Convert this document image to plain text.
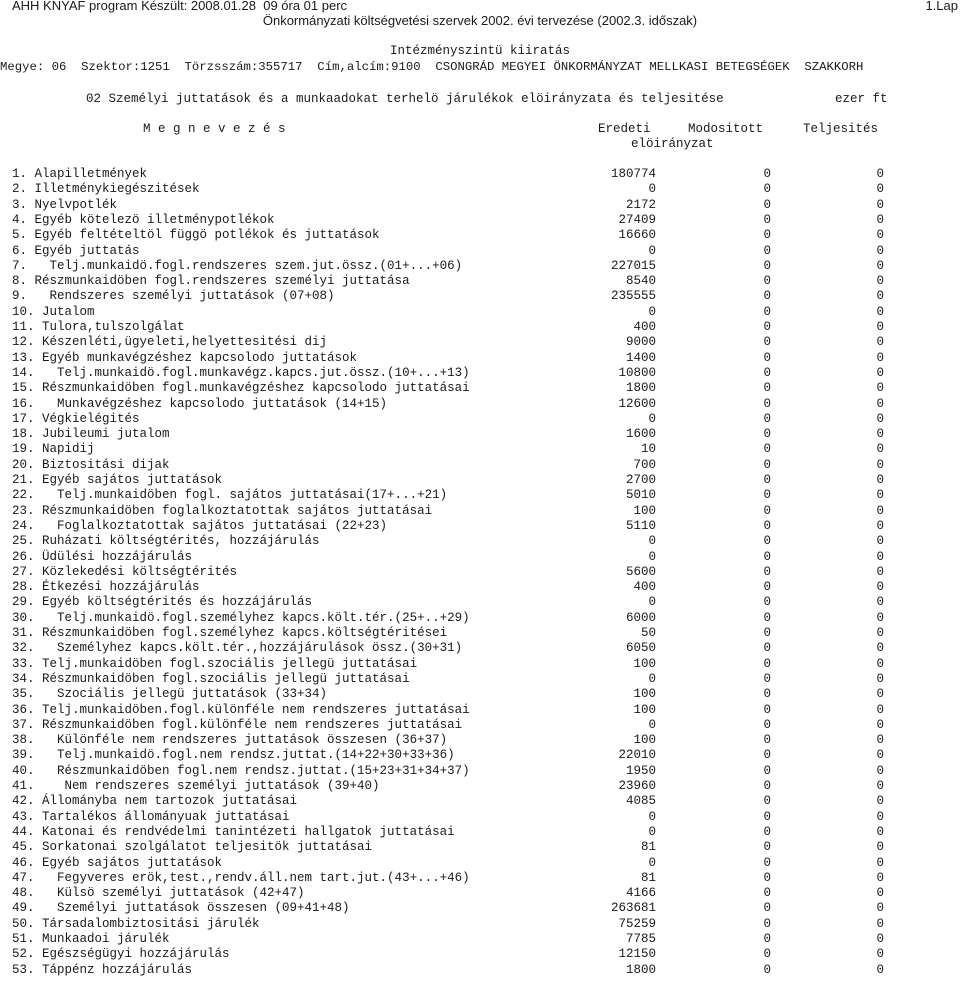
AHH KNYAF program Készült: 2008.01.28  09 óra 01 perc	1.Lap
Önkormányzati költségvetési szervek 2002. évi tervezése (2002.3. időszak)
Intézményszintü kiiratás
Megye: 06  Szektor:1251  Törzsszám:355717  Cím,alcím:9100  CSONGRÁD MEGYEI ÖNKORMÁNYZAT MELLKASI BETEGSÉGEK  SZAKKORH
02 Személyi juttatások és a munkaadokat terhelö járulékok elöirányzata és teljesitése	ezer ft
M e g n e v e z é s	Eredeti	Modositott	Teljesités
elöirányzat
1. Alapilletmények	180774	0	0
2. Illetménykiegészitések	0	0	0
3. Nyelvpotlék	2172	0	0
4. Egyéb kötelezö illetménypotlékok	27409	0	0
5. Egyéb feltételtöl függö potlékok és juttatások	16660	0	0
6. Egyéb juttatás	0	0	0
7.   Telj.munkaidö.fogl.rendszeres szem.jut.össz.(01+...+06)	227015	0	0
8. Részmunkaidöben fogl.rendszeres személyi juttatása	8540	0	0
9.   Rendszeres személyi juttatások (07+08)	235555	0	0
10. Jutalom	0	0	0
11. Tulora,tulszolgálat	400	0	0
12. Készenléti,ügyeleti,helyettesitési dij	9000	0	0
13. Egyéb munkavégzéshez kapcsolodo juttatások	1400	0	0
14.   Telj.munkaidö.fogl.munkavégz.kapcs.jut.össz.(10+...+13)	10800	0	0
15. Részmunkaidöben fogl.munkavégzéshez kapcsolodo juttatásai	1800	0	0
16.   Munkavégzéshez kapcsolodo juttatások (14+15)	12600	0	0
17. Végkielégités	0	0	0
18. Jubileumi jutalom	1600	0	0
19. Napidij	10	0	0
20. Biztositási dijak	700	0	0
21. Egyéb sajátos juttatások	2700	0	0
22.   Telj.munkaidöben fogl. sajátos juttatásai(17+...+21)	5010	0	0
23. Részmunkaidöben foglalkoztatottak sajátos juttatásai	100	0	0
24.   Foglalkoztatottak sajátos juttatásai (22+23)	5110	0	0
25. Ruházati költségtérités, hozzájárulás	0	0	0
26. Üdülési hozzájárulás	0	0	0
27. Közlekedési költségtérités	5600	0	0
28. Étkezési hozzájárulás	400	0	0
29. Egyéb költségtérités és hozzájárulás	0	0	0
30.   Telj.munkaidö.fogl.személyhez kapcs.költ.tér.(25+..+29)	6000	0	0
31. Részmunkaidöben fogl.személyhez kapcs.költségtéritései	50	0	0
32.   Személyhez kapcs.költ.tér.,hozzájárulások össz.(30+31)	6050	0	0
33. Telj.munkaidöben fogl.szociális jellegü juttatásai	100	0	0
34. Részmunkaidöben fogl.szociális jellegü juttatásai	0	0	0
35.   Szociális jellegü juttatások (33+34)	100	0	0
36. Telj.munkaidöben.fogl.különféle nem rendszeres juttatásai	100	0	0
37. Részmunkaidöben fogl.különféle nem rendszeres juttatásai	0	0	0
38.   Különféle nem rendszeres juttatások összesen (36+37)	100	0	0
39.   Telj.munkaidö.fogl.nem rendsz.juttat.(14+22+30+33+36)	22010	0	0
40.   Részmunkaidöben fogl.nem rendsz.juttat.(15+23+31+34+37)	1950	0	0
41.    Nem rendszeres személyi juttatások (39+40)	23960	0	0
42. Állományba nem tartozok juttatásai	4085	0	0
43. Tartalékos állományuak juttatásai	0	0	0
44. Katonai és rendvédelmi tanintézeti hallgatok juttatásai	0	0	0
45. Sorkatonai szolgálatot teljesitök juttatásai	81	0	0
46. Egyéb sajátos juttatások	0	0	0
47.   Fegyveres erök,test.,rendv.áll.nem tart.jut.(43+...+46)	81	0	0
48.   Külsö személyi juttatások (42+47)	4166	0	0
49.   Személyi juttatások összesen (09+41+48)	263681	0	0
50. Társadalombiztositási járulék	75259	0	0
51. Munkaadoi járulék	7785	0	0
52. Egészségügyi hozzájárulás	12150	0	0
53. Táppénz hozzájárulás	1800	0	0
